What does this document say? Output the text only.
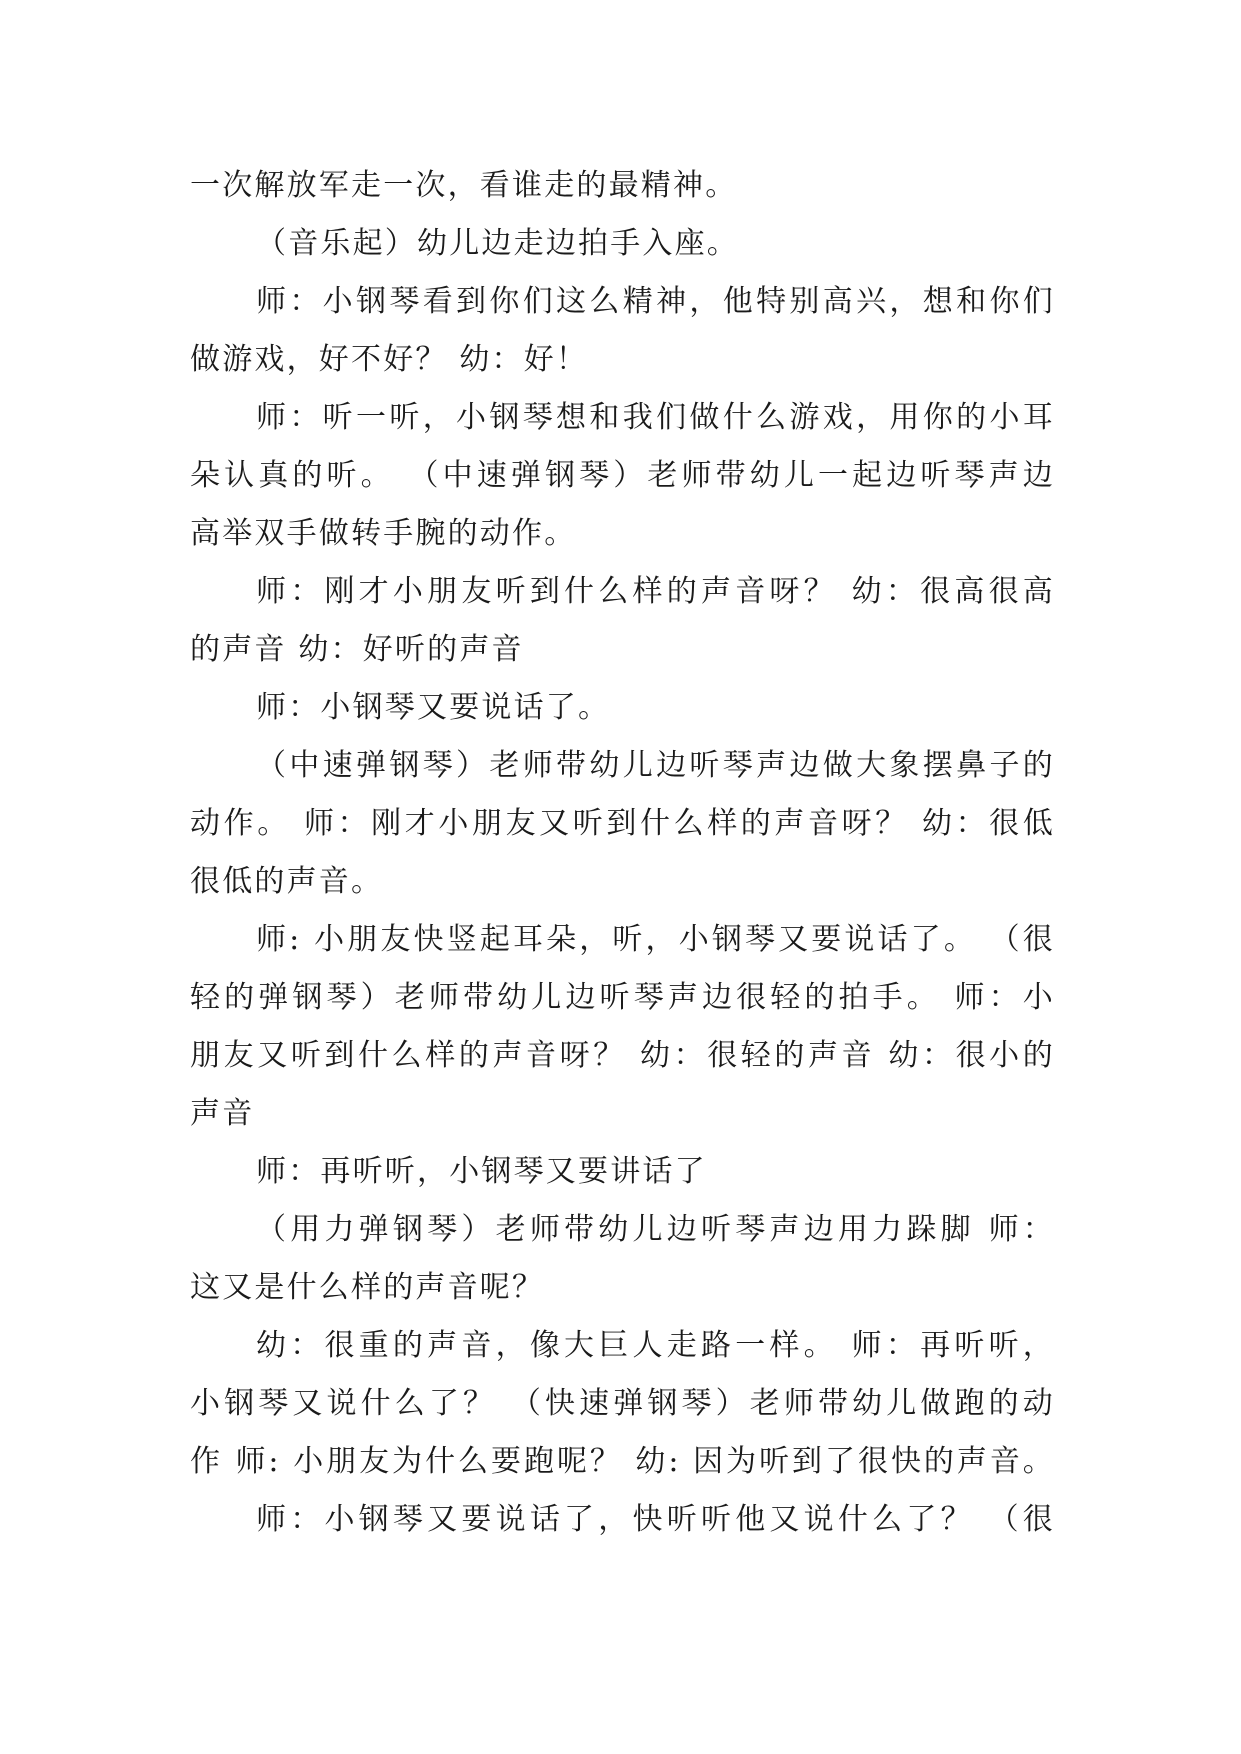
一次解放军走一次，看谁走的最精神。
（音乐起）幼儿边走边拍手入座。
师：小钢琴看到你们这么精神，他特别高兴，想和你们
做游戏，好不好？ 幼：好！
师：听一听，小钢琴想和我们做什么游戏，用你的小耳
朵认真的听。 （中速弹钢琴）老师带幼儿一起边听琴声边
高举双手做转手腕的动作。
师：刚才小朋友听到什么样的声音呀？ 幼：很高很高
的声音 幼：好听的声音
师：小钢琴又要说话了。
（中速弹钢琴）老师带幼儿边听琴声边做大象摆鼻子的
动作。 师：刚才小朋友又听到什么样的声音呀？ 幼：很低
很低的声音。
师: 小朋友快竖起耳朵，听，小钢琴又要说话了。 （很
轻的弹钢琴）老师带幼儿边听琴声边很轻的拍手。 师：小
朋友又听到什么样的声音呀？ 幼：很轻的声音 幼：很小的
声音
师：再听听，小钢琴又要讲话了
（用力弹钢琴）老师带幼儿边听琴声边用力跺脚 师：
这又是什么样的声音呢？
幼：很重的声音，像大巨人走路一样。 师：再听听，
小钢琴又说什么了？ （快速弹钢琴）老师带幼儿做跑的动
作 师: 小朋友为什么要跑呢？ 幼: 因为听到了很快的声音。
师：小钢琴又要说话了，快听听他又说什么了？ （很
